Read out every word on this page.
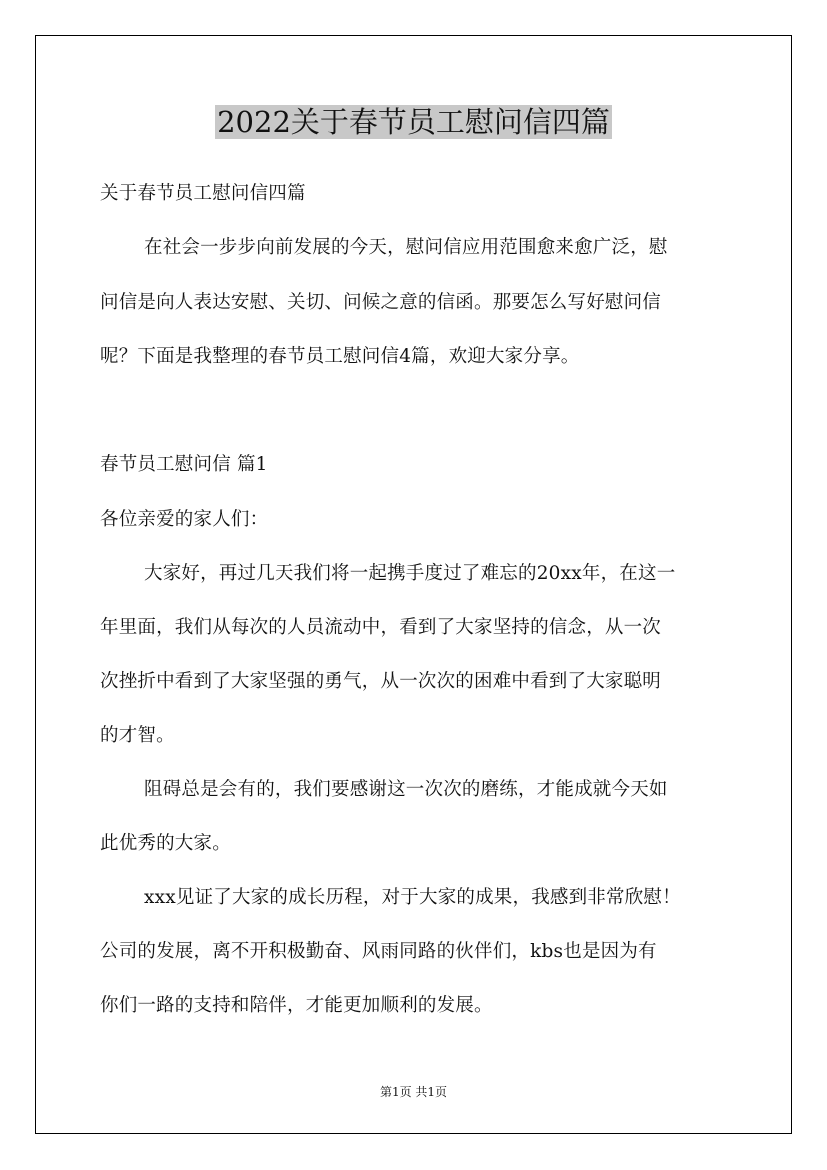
2022关于春节员工慰问信四篇
关于春节员工慰问信四篇
在社会一步步向前发展的今天，慰问信应用范围愈来愈广泛，慰
问信是向人表达安慰、关切、问候之意的信函。那要怎么写好慰问信
呢？下面是我整理的春节员工慰问信4篇，欢迎大家分享。
春节员工慰问信 篇1
各位亲爱的家人们：
大家好，再过几天我们将一起携手度过了难忘的20xx年，在这一
年里面，我们从每次的人员流动中，看到了大家坚持的信念，从一次
次挫折中看到了大家坚强的勇气，从一次次的困难中看到了大家聪明
的才智。
阻碍总是会有的，我们要感谢这一次次的磨练，才能成就今天如
此优秀的大家。
xxx见证了大家的成长历程，对于大家的成果，我感到非常欣慰！
公司的发展，离不开积极勤奋、风雨同路的伙伴们，kbs也是因为有
你们一路的支持和陪伴，才能更加顺利的发展。
第1页 共1页
